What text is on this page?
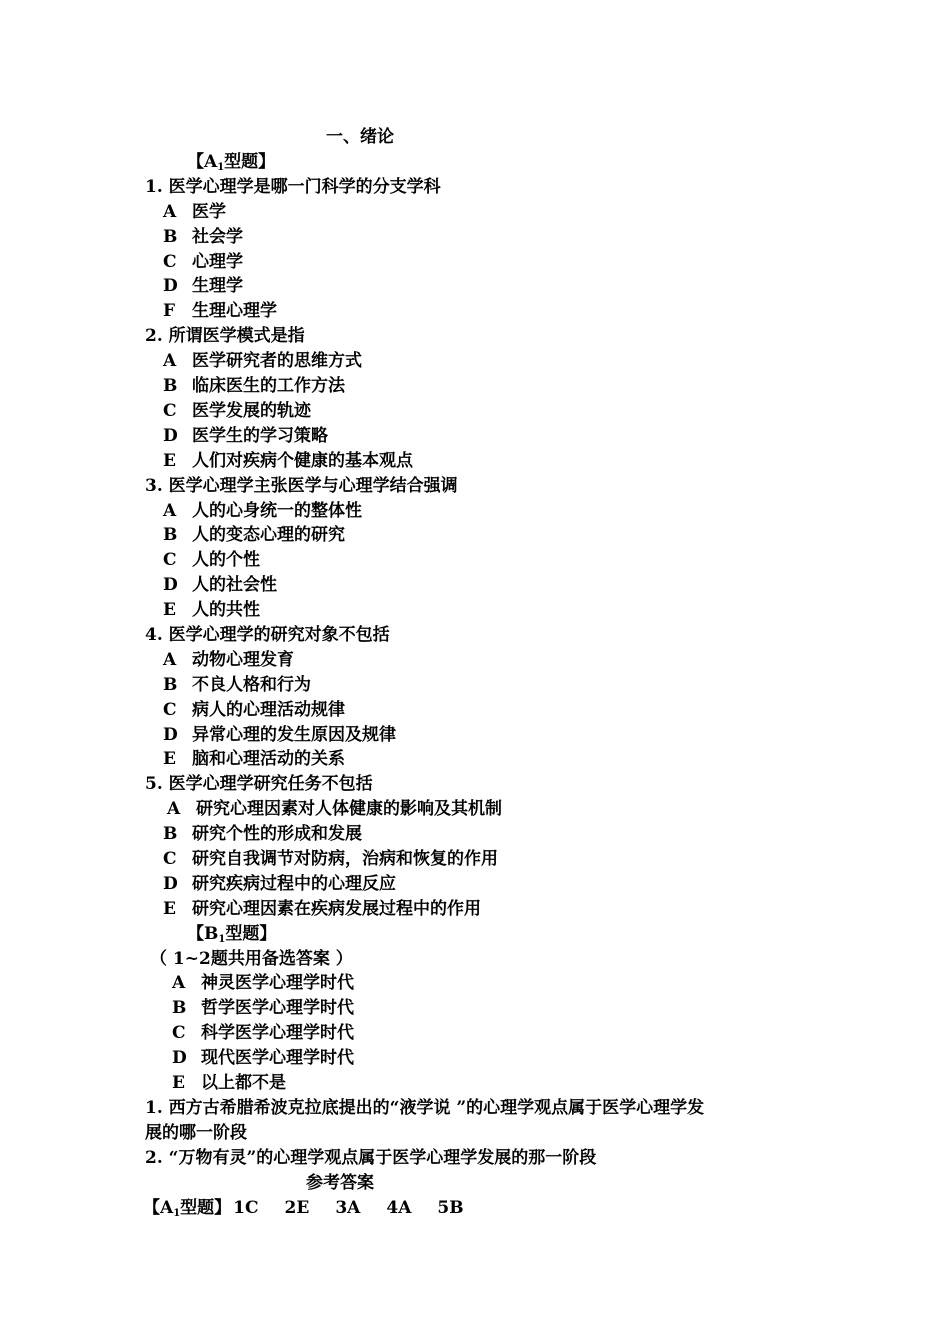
一、绪论
【$A_1$型题】
1. 医学心理学是哪一门科学的分支学科
A 医学
B 社会学
C 心理学
D 生理学
F 生理心理学
2. 所谓医学模式是指
A 医学研究者的思维方式
B 临床医生的工作方法
C 医学发展的轨迹
D 医学生的学习策略
E 人们对疾病个健康的基本观点
3. 医学心理学主张医学与心理学结合强调
A 人的心身统一的整体性
B 人的变态心理的研究
C 人的个性
D 人的社会性
E 人的共性
4. 医学心理学的研究对象不包括
A 动物心理发育
B 不良人格和行为
C 病人的心理活动规律
D 异常心理的发生原因及规律
E 脑和心理活动的关系
5. 医学心理学研究任务不包括
A 研究心理因素对人体健康的影响及其机制
B 研究个性的形成和发展
C 研究自我调节对防病，治病和恢复的作用
D 研究疾病过程中的心理反应
E 研究心理因素在疾病发展过程中的作用
【$B_1$型题】
（ 1~2题共用备选答案 ）
A 神灵医学心理学时代
B 哲学医学心理学时代
C 科学医学心理学时代
D 现代医学心理学时代
E 以上都不是
1. 西方古希腊希波克拉底提出的“液学说 ”的心理学观点属于医学心理学发
展的哪一阶段
2. “万物有灵”的心理学观点属于医学心理学发展的那一阶段
参考答案
【$A_1$型题】 1C 2E 3A 4A 5B
